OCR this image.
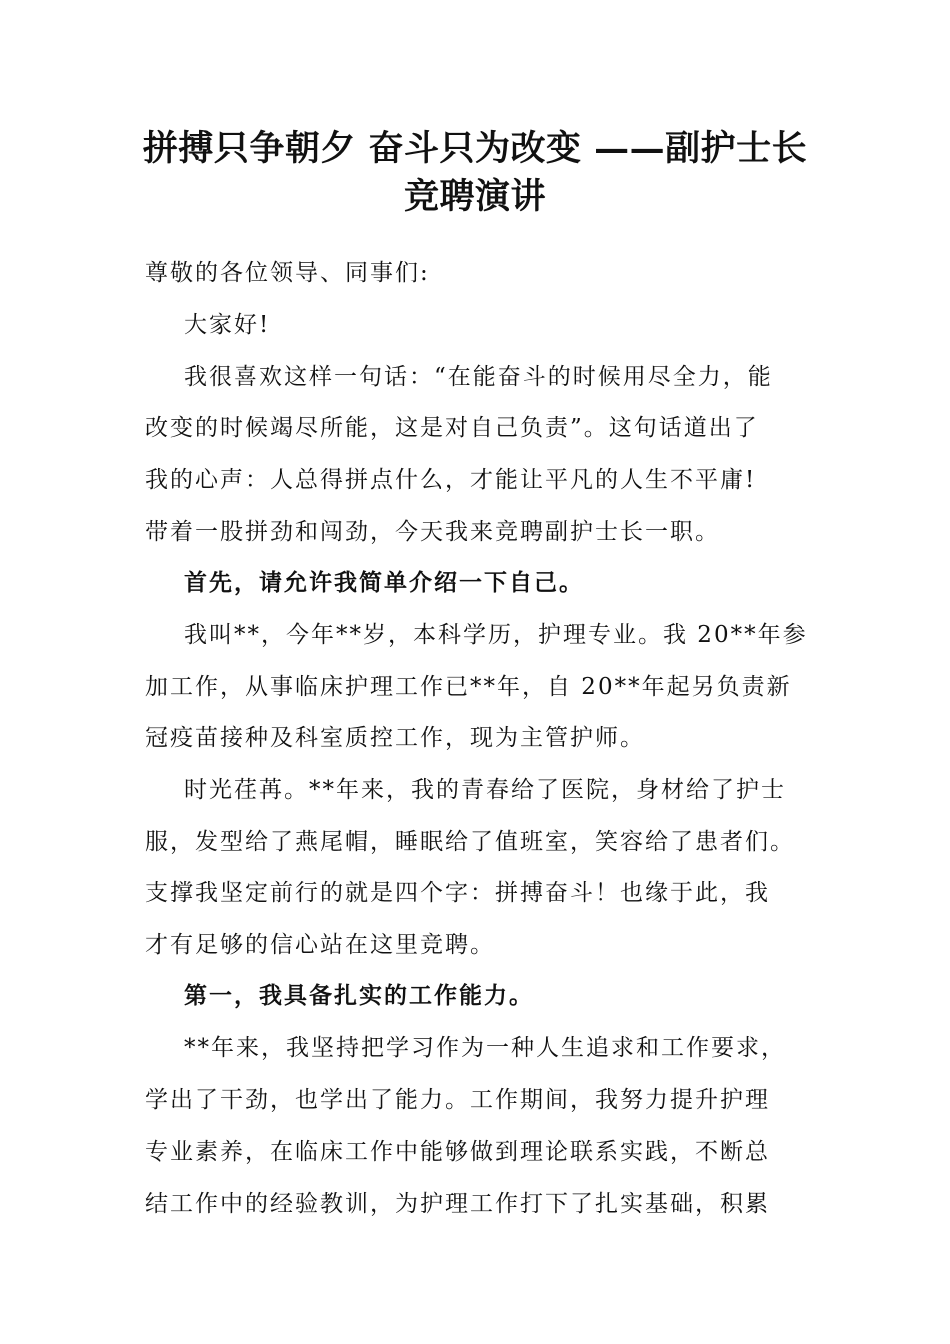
拼搏只争朝夕 奋斗只为改变 ——副护士长
竞聘演讲

尊敬的各位领导、同事们:

大家好!

我很喜欢这样一句话：“在能奋斗的时候用尽全力，能

改变的时候竭尽所能，这是对自己负责”。这句话道出了

我的心声：人总得拼点什么，才能让平凡的人生不平庸!

带着一股拼劲和闯劲，今天我来竞聘副护士长一职。

首先，请允许我简单介绍一下自己。

我叫**，今年**岁，本科学历，护理专业。我 20**年参

加工作，从事临床护理工作已**年，自 20**年起另负责新

冠疫苗接种及科室质控工作，现为主管护师。

时光荏苒。**年来，我的青春给了医院，身材给了护士

服，发型给了燕尾帽，睡眠给了值班室，笑容给了患者们。

支撑我坚定前行的就是四个字：拼搏奋斗！也缘于此，我

才有足够的信心站在这里竞聘。

第一，我具备扎实的工作能力。

**年来，我坚持把学习作为一种人生追求和工作要求，

学出了干劲，也学出了能力。工作期间，我努力提升护理

专业素养，在临床工作中能够做到理论联系实践，不断总

结工作中的经验教训，为护理工作打下了扎实基础，积累
